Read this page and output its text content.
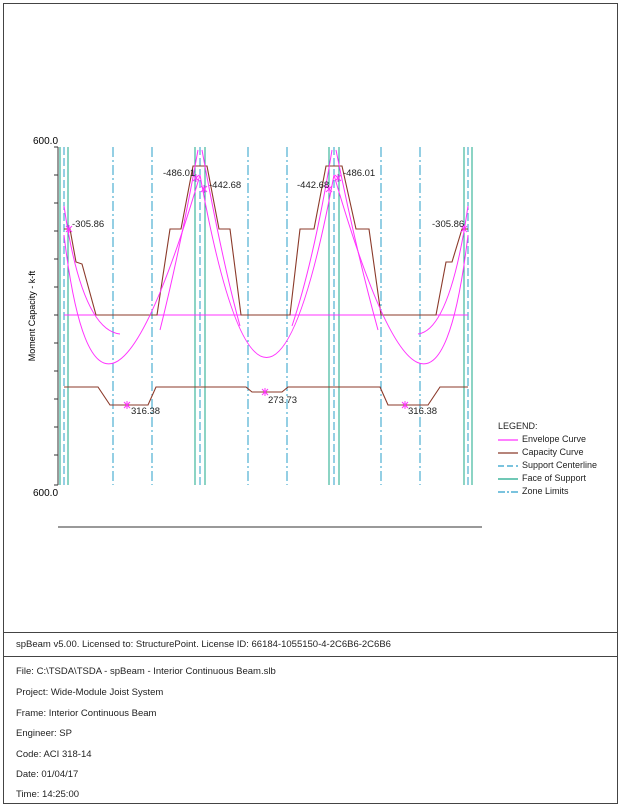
600.0
600.0
Moment Capacity - k-ft
-305.86
-486.01
-442.68	-442.68
-486.01
-305.86
316.38
273.73
316.38
LEGEND:
Envelope Curve
Capacity Curve
Support Centerline
Face of Support
Zone Limits
spBeam v5.00. Licensed to: StructurePoint. License ID: 66184-1055150-4-2C6B6-2C6B6
File: C:\TSDA\TSDA - spBeam - Interior Continuous Beam.slb
Project: Wide-Module Joist System
Frame: Interior Continuous Beam
Engineer: SP
Code: ACI 318-14
Date: 01/04/17
Time: 14:25:00
